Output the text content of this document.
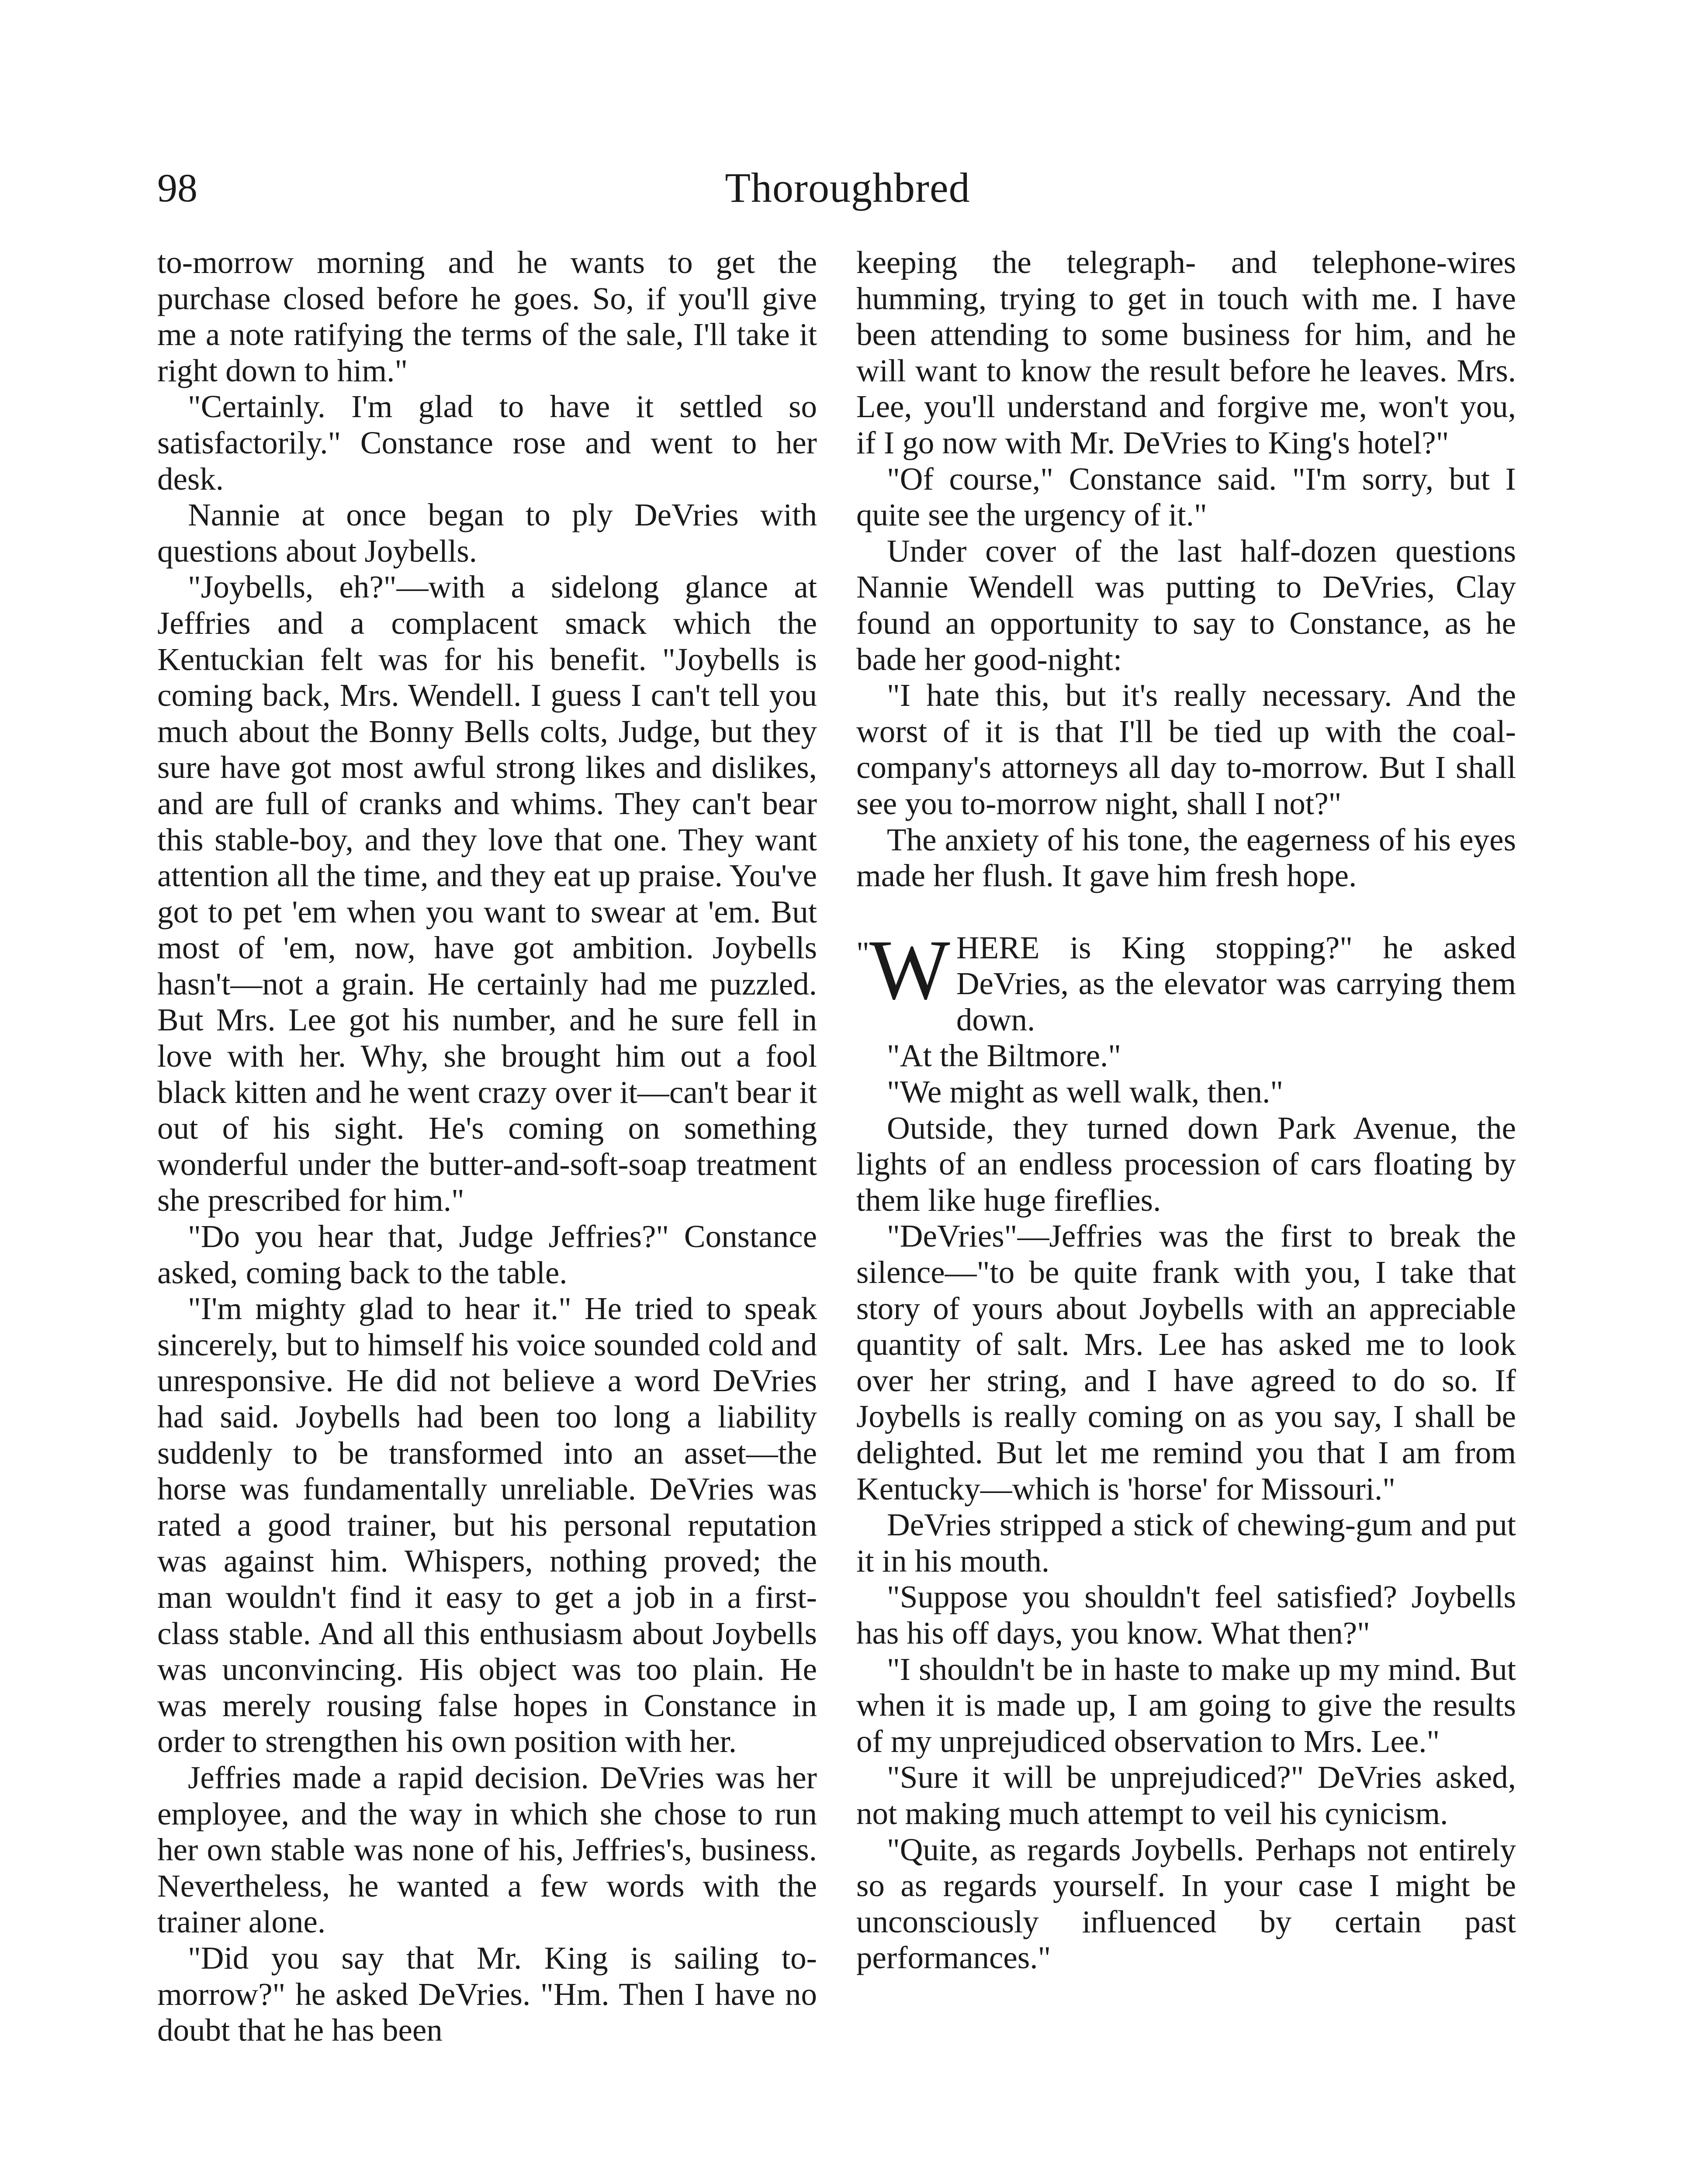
98	Thoroughbred

to-morrow morning and he wants to get the purchase closed before he goes. So, if you'll give me a note ratifying the terms of the sale, I'll take it right down to him."

"Certainly. I'm glad to have it settled so satisfactorily." Constance rose and went to her desk.

Nannie at once began to ply DeVries with questions about Joybells.

"Joybells, eh?"—with a sidelong glance at Jeffries and a complacent smack which the Kentuckian felt was for his benefit. "Joybells is coming back, Mrs. Wendell. I guess I can't tell you much about the Bonny Bells colts, Judge, but they sure have got most awful strong likes and dislikes, and are full of cranks and whims. They can't bear this stable-boy, and they love that one. They want attention all the time, and they eat up praise. You've got to pet 'em when you want to swear at 'em. But most of 'em, now, have got ambition. Joybells hasn't—not a grain. He certainly had me puzzled. But Mrs. Lee got his number, and he sure fell in love with her. Why, she brought him out a fool black kitten and he went crazy over it—can't bear it out of his sight. He's coming on something wonderful under the butter-and-soft-soap treatment she prescribed for him."

"Do you hear that, Judge Jeffries?" Constance asked, coming back to the table.

"I'm mighty glad to hear it." He tried to speak sincerely, but to himself his voice sounded cold and unresponsive. He did not believe a word DeVries had said. Joybells had been too long a liability suddenly to be transformed into an asset—the horse was fundamentally unreliable. DeVries was rated a good trainer, but his personal reputation was against him. Whispers, nothing proved; the man wouldn't find it easy to get a job in a first-class stable. And all this enthusiasm about Joybells was unconvincing. His object was too plain. He was merely rousing false hopes in Constance in order to strengthen his own position with her.

Jeffries made a rapid decision. DeVries was her employee, and the way in which she chose to run her own stable was none of his, Jeffries's, business. Nevertheless, he wanted a few words with the trainer alone.

"Did you say that Mr. King is sailing to-morrow?" he asked DeVries. "Hm. Then I have no doubt that he has been

keeping the telegraph- and telephone-wires humming, trying to get in touch with me. I have been attending to some business for him, and he will want to know the result before he leaves. Mrs. Lee, you'll understand and forgive me, won't you, if I go now with Mr. DeVries to King's hotel?"

"Of course," Constance said. "I'm sorry, but I quite see the urgency of it."

Under cover of the last half-dozen questions Nannie Wendell was putting to DeVries, Clay found an opportunity to say to Constance, as he bade her good-night:

"I hate this, but it's really necessary. And the worst of it is that I'll be tied up with the coal-company's attorneys all day to-morrow. But I shall see you to-morrow night, shall I not?"

The anxiety of his tone, the eagerness of his eyes made her flush. It gave him fresh hope.

"W HERE is King stopping?" he asked DeVries, as the elevator was carrying them down.

"At the Biltmore."

"We might as well walk, then."

Outside, they turned down Park Avenue, the lights of an endless procession of cars floating by them like huge fireflies.

"DeVries"—Jeffries was the first to break the silence—"to be quite frank with you, I take that story of yours about Joybells with an appreciable quantity of salt. Mrs. Lee has asked me to look over her string, and I have agreed to do so. If Joybells is really coming on as you say, I shall be delighted. But let me remind you that I am from Kentucky—which is 'horse' for Missouri."

DeVries stripped a stick of chewing-gum and put it in his mouth.

"Suppose you shouldn't feel satisfied? Joybells has his off days, you know. What then?"

"I shouldn't be in haste to make up my mind. But when it is made up, I am going to give the results of my unprejudiced observation to Mrs. Lee."

"Sure it will be unprejudiced?" DeVries asked, not making much attempt to veil his cynicism.

"Quite, as regards Joybells. Perhaps not entirely so as regards yourself. In your case I might be unconsciously influenced by certain past performances."
